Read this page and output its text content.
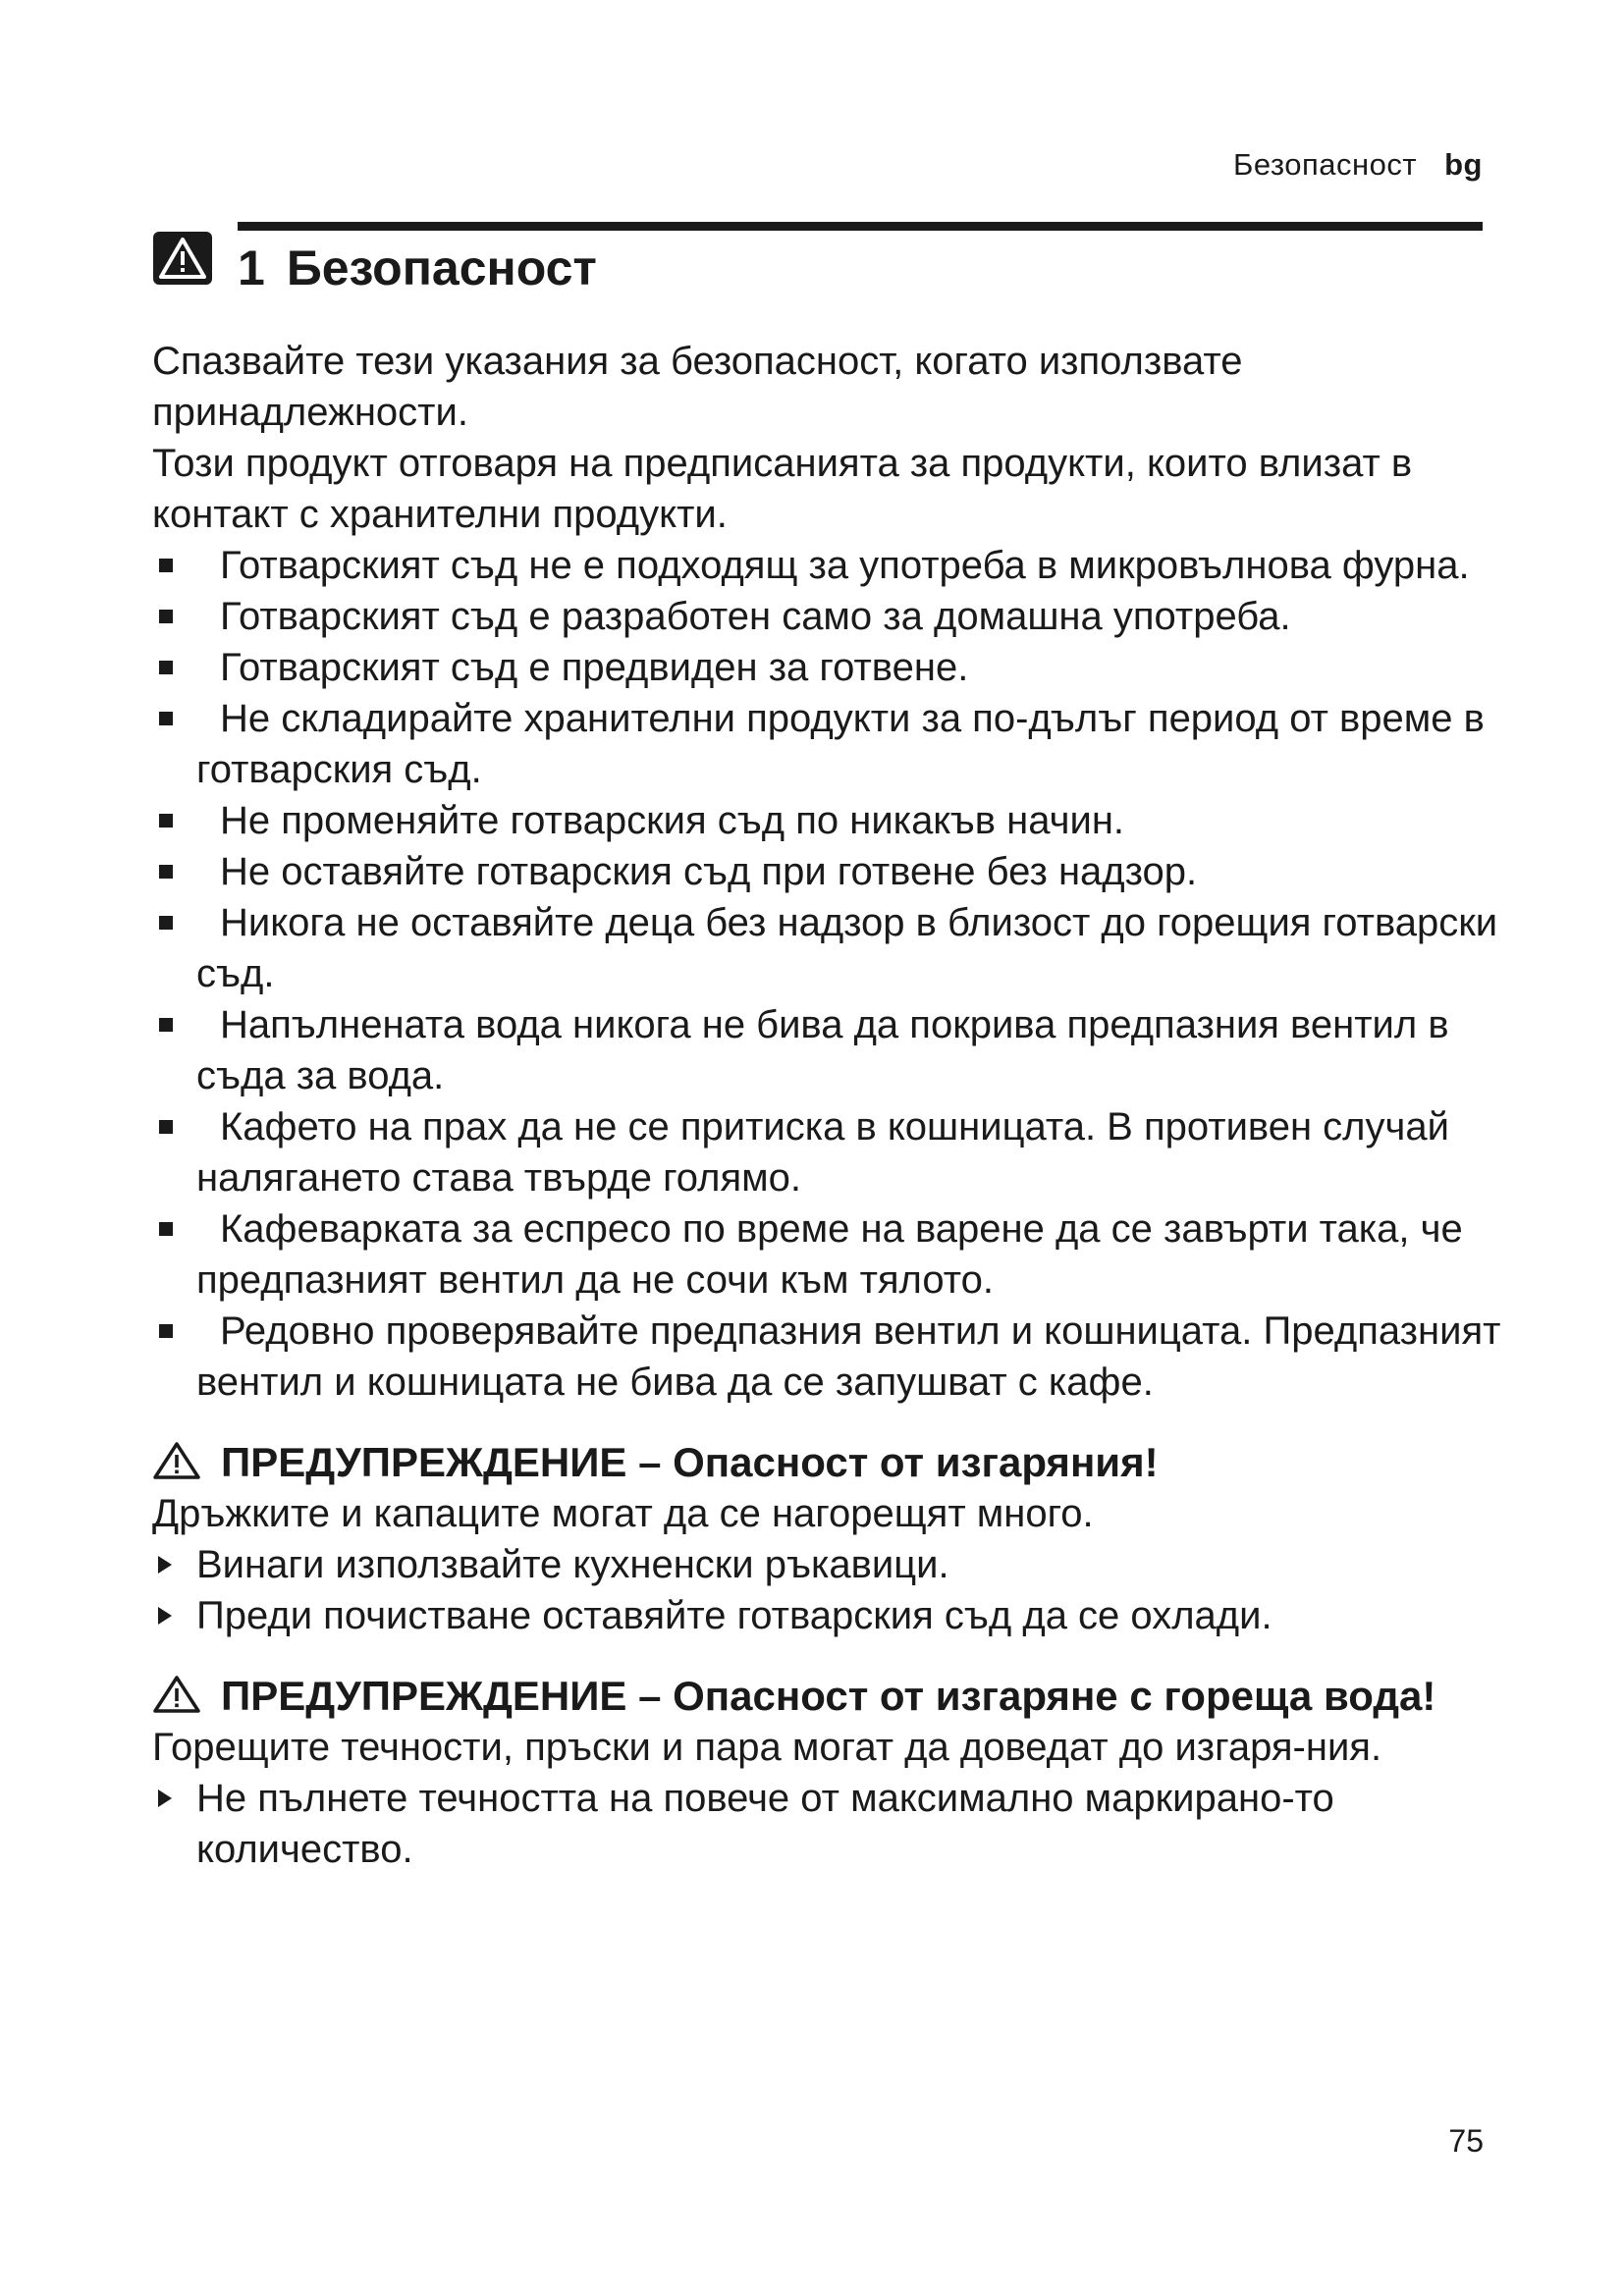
Безопасност bg
1 Безопасност

Спазвайте тези указания за безопасност, когато използвате принадлежности.

Този продукт отговаря на предписанията за продукти, които влизат в контакт с хранителни продукти.

Готварският съд не е подходящ за употреба в микровълнова фурна.
Готварският съд е разработен само за домашна употреба.
Готварският съд е предвиден за готвене.
Не складирайте хранителни продукти за по-дълъг период от време в готварския съд.
Не променяйте готварския съд по никакъв начин.
Не оставяйте готварския съд при готвене без надзор.
Никога не оставяйте деца без надзор в близост до горещия готварски съд.
Напълнената вода никога не бива да покрива предпазния вентил в съда за вода.
Кафето на прах да не се притиска в кошницата. В противен случай налягането става твърде голямо.
Кафеварката за еспресо по време на варене да се завърти така, че предпазният вентил да не сочи към тялото.
Редовно проверявайте предпазния вентил и кошницата. Предпазният вентил и кошницата не бива да се запушват с кафе.

ПРЕДУПРЕЖДЕНИЕ – Опасност от изгаряния!

Дръжките и капаците могат да се нагорещят много.

Винаги използвайте кухненски ръкавици.
Преди почистване оставяйте готварския съд да се охлади.

ПРЕДУПРЕЖДЕНИЕ – Опасност от изгаряне с гореща вода!

Горещите течности, пръски и пара могат да доведат до изгаря-ния.

Не пълнете течността на повече от максимално маркирано-то количество.
75
